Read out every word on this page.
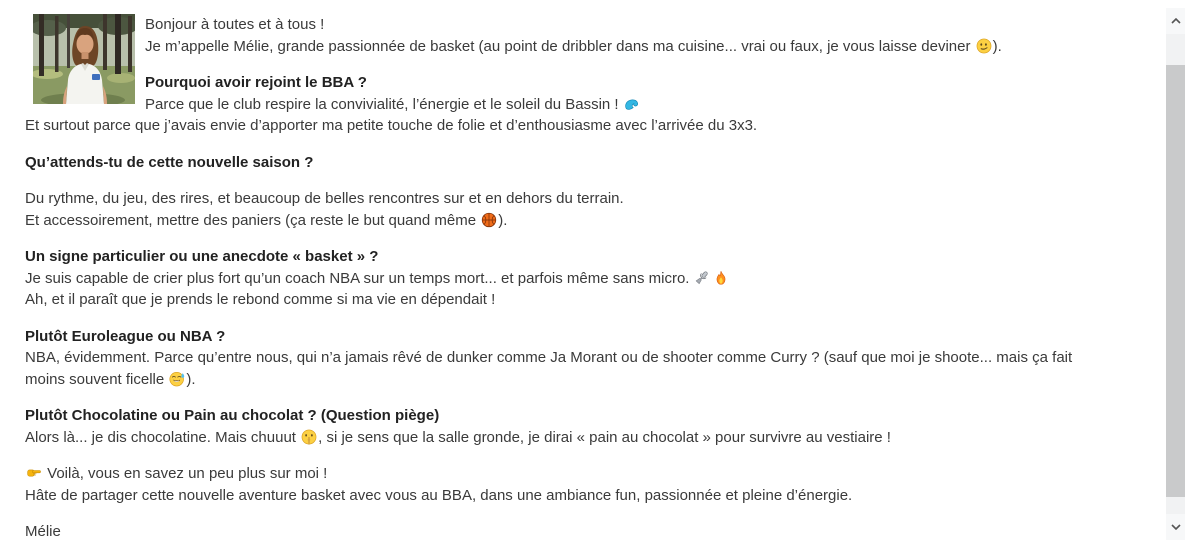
Bonjour à toutes et à tous !
Je m’appelle Mélie, grande passionnée de basket (au point de dribbler dans ma cuisine... vrai ou faux, je vous laisse deviner
).
Pourquoi avoir rejoint le BBA ?
Parce que le club respire la convivialité, l’énergie et le soleil du Bassin !
Et surtout parce que j’avais envie d’apporter ma petite touche de folie et d’enthousiasme avec l’arrivée du 3x3.
Qu’attends-tu de cette nouvelle saison ?
Du rythme, du jeu, des rires, et beaucoup de belles rencontres sur et en dehors du terrain.
Et accessoirement, mettre des paniers (ça reste le but quand même
).
Un signe particulier ou une anecdote « basket » ?
Je suis capable de crier plus fort qu’un coach NBA sur un temps mort... et parfois même sans micro.
Ah, et il paraît que je prends le rebond comme si ma vie en dépendait !
Plutôt Euroleague ou NBA ?
NBA, évidemment. Parce qu’entre nous, qui n’a jamais rêvé de dunker comme Ja Morant ou de shooter comme Curry ? (sauf que moi je shoote... mais ça fait
moins souvent ficelle
).
Plutôt Chocolatine ou Pain au chocolat ? (Question piège)
Alors là... je dis chocolatine. Mais chuuut
, si je sens que la salle gronde, je dirai « pain au chocolat » pour survivre au vestiaire !
Voilà, vous en savez un peu plus sur moi !
Hâte de partager cette nouvelle aventure basket avec vous au BBA, dans une ambiance fun, passionnée et pleine d’énergie.
Mélie
